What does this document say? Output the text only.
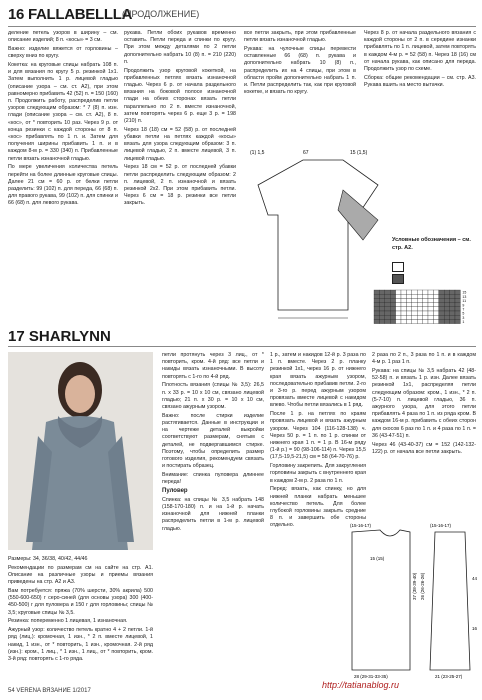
16 FALLABELLLA
(ПРОДОЛЖЕНИЕ)

деление петель узоров в ширину – см. описание изделий; 8 п. «косы» = 3 см.

Важно: изделие вяжется от горловины – сверху вниз по кругу.

Кокетка: на круговые спицы набрать 108 п. и для вязания по кругу 5 р. резинкой 1х1. Затем выполнить 1 р. лицевой гладью (описание узора – см. ст. А2), при этом равномерно прибавить 42 (52) п. = 150 (160) п. Продолжить работу, распределив петли узоров следующим образом: * 7 (8) п. изн. глади (описание узора – см. ст. А2), 8 п. «кос», от * повторить 10 раз. Через 9 р. от конца резинки с каждой стороны от 8 п. «кос» прибавлять по 1 п. и. Затем для получения ширины прибавить 1 п. и в каждом 8-м р. = 330 (340) п. Прибавленные петли вязать изнаночной гладью.

По мере увеличения количества петель перейти на более длинные круговые спицы. Далее 21 см = 60 р. от белки петли разделить: 99 (102) п. для переда, 66 (68) п. для правого рукава, 99 (102) п. для спинки и 66 (68) п. для левого рукава.

рукава. Петли обоих рукавов временно оставить. Петли переда и спинки по кругу. При этом между деталями по 2 петли дополнительно набрать 10 (8) п. = 210 (220) п.

Продолжить узор круговой кокеткой, на прибавленных петлях вязать изнаночной гладью. Через 6 р. от начала раздельного вязания на боковой полосе изнаночной глади на обеих сторонах вязать петли параллельно по 2 п. вместе изнаночной, затем повторять через 6 р. еще 3 р. = 198 (210) п.

Через 18 (18) см = 52 (58) р. от последней убавки петли на петлях каждой «косы» вязать для узора следующим образом: 3 п. лицевой гладью, 2 п. вместе лицевой, 3 п. лицевой гладью.

Через 18 см = 52 р. от последней убавки петли распределить следующим образом: 2 п. лицевой, 2 п. изнаночной и вязать резинкой 2х2. При этом прибавить петли. Через 6 см = 18 р. резинки все петли закрыть.

все петли закрыть, при этом прибавленные петли вязать изнаночной гладью.

Рукава: на чулочные спицы перевести оставленные 66 (68) п. рукава и дополнительно набрать 10 (8) п., распределить их на 4 спицы, при этом в области пройм дополнительно набрать 1 п. и. Петли распределить так, как при круговой кокетке, и вязать по кругу.

Через 8 р. от начала раздельного вязания с каждой стороны от 2 п. в середине изнанки прибавлять по 1 п. лицевой, затем повторять в каждом 4-м р. = 52 (58) п. Через 18 (16) см от начала рукава, как описано для переда. Продолжить узор по схеме.

Сборка: общие рекомендации – см. стр. А3. Рукава вшить на место вытачки.

(1) 1,5	67	15 (1,5)
Условные обозначения – см. стр. А2.
15
13
11
9
7
5
3
1
17 SHARLYNN

Размеры: 34, 36/38, 40/42, 44/46

Рекомендации по размерам см на сайте на стр. А1. Описание на различные узоры и приемы вязания приведены на стр. А2 и А3.

Вам потребуется: пряжа (70% шерсти, 30% акрила) 500 (550-600-650) г серо-синей (для основы узора) 300 (400-450-500) г для пуловера и 150 г для горловины; спицы № 3,5; круговые спицы № 3,5.

Резинка: попеременно 1 лицевая, 1 изнаночная.

Ажурный узор: количество петель кратно 4 + 2 петли. 1-й ряд (лиц.): кромочная, 1 изн., * 2 п. вместе лицевой, 1 накид, 1 изн., от * повторить, 1 изн., кромочная. 2-й ряд (изн.): кром., 1 лиц., * 1 изн., 1 лиц., от * повторить, кром. 3-й ряд: повторять с 1-го ряда.

петли протянуть через 3 лиц., от * повторить, кром. 4-й ряд: все петли и накиды вязать изнаночными. В высоту повторять с 1-го по 4-й ряд.

Плотность вязания (спицы № 3,5): 26,5 п. x 33 р. = 10 x 10 см, связано лицевой гладью; 21 п. x 30 р. = 10 x 10 см, связано ажурным узором.

Важно: после стирки изделие растягивается. Данные в инструкции и на чертеже деталей выкройки соответствуют размерам, снятым с деталей, не подвергавшимся стирке. Поэтому, чтобы определить размер готового изделия, рекомендуем связать и постирать образец.

Внимание: спинка пуловера длиннее переда!

Пуловер

Спинка: на спицы № 3,5 набрать 148 (158-170-180) п. и на 1-й р. начать изнаночной для нижней планки распределить петли в 1-м р. лицевой гладью.

1 р., затем и накидов 12-й р. 3 раза по 1 п. вместе. Через 2 р. планку резинкой 1х1, через 16 р. от нижнего края вязать ажурным узором, последовательно прибавив петли. 2-го и 3-го р. перед ажурным узором провязать вместе лицевой с накидом влево. Чтобы петли вязались в 1 ряд.

После 1 р. на петлях по краям провязать лицевой и вязать ажурным узором. Через 104 (116-128-138) ч. Через 50 р. = 1 п. по 1 р. спинки от нижнего края 1 п. = 1 р. В 16-м ряду (1-й р.) = 90 (98-106-114) п. Через 15,5 (17,5-19,5-21,5) см = 58 (64-70-76) р.

Горловину закрепить. Для закругления горловины закрыть с внутреннего края в каждом 2-м р. 2 раза по 1 п.

Перед: вязать, как спинку, но для нижней планки набрать меньшее количество петель. Для более глубокой горловины закрыть средние 8 п. и завершить обе стороны отдельно.

2 раза по 2 п., 3 раза по 1 п. и в каждом 4-м р. 1 раз 1 п.

Рукава: на спицы № 3,5 набрать 42 (48-52-58) п. и вязать 1 р. изн. Далее вязать резинкой 1х1, распределяя петли следующим образом: кром., 1 изн., * 2 п. (5-7-10) п. лицевой гладью, 36 п. ажурного узора, для этого петли прибавлять 4 раза по 1 п. из ряда кром. В каждом 16-м р. прибавить с обеих сторон для скосов 6 раз по 1 п. и 4 раза по 1 п. = 36 (43-47-51) п.

Через 46 (43-40-37) см = 152 (142-132-122) р. от начала все петли закрыть.

(15-16-17)	(15-16-17)
15 (15)
28 (29-31-33-35)	21 (23-25-27)
37 (38-39-40) 26 (26-26-26)	44
16
54 VERENA ВЯЗАНИЕ 1/2017
http://tatianablog.ru
